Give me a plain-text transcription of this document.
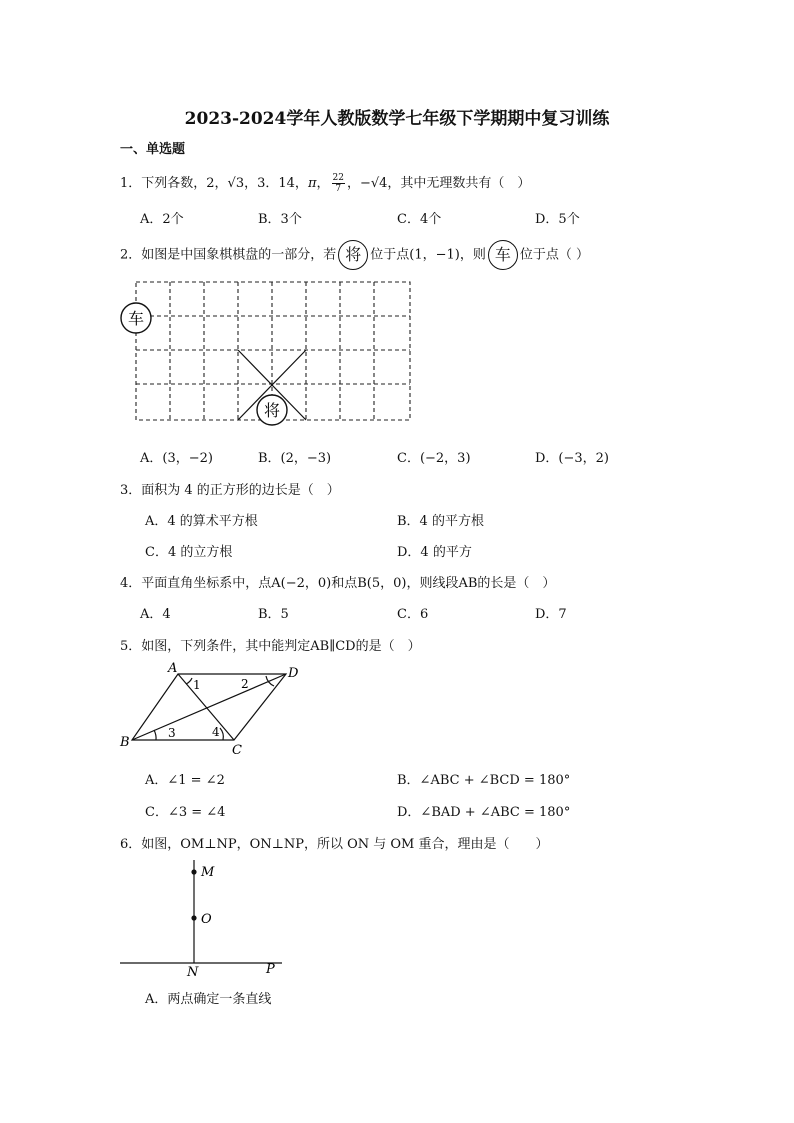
2023-2024学年人教版数学七年级下学期期中复习训练
一、单选题
1．下列各数，2，√3，3．14，π， $\frac{22}{7}$ ，−√4，其中无理数共有（　）
A．2个	B．3个	C．4个	D．5个
2．如图是中国象棋棋盘的一部分，若 将 位于点(1，−1)，则 车 位于点（ ）
车
将
A．(3，−2)	B．(2，−3)	C．(−2，3)	D．(−3，2)
3．面积为 4 的正方形的边长是（　）
A．4 的算术平方根	B．4 的平方根
C．4 的立方根	D．4 的平方
4．平面直角坐标系中，点A(−2，0)和点B(5，0)，则线段AB的长是（　）
A．4	B．5	C．6	D．7
5．如图，下列条件，其中能判定AB∥CD的是（　）
A	D
B
C
1	2
3	4
A．∠1 = ∠2	B．∠ABC + ∠BCD = 180°
C．∠3 = ∠4	D．∠BAD + ∠ABC = 180°
6．如图，OM⊥NP，ON⊥NP，所以 ON 与 OM 重合，理由是（　　）
M
O
N	P
A．两点确定一条直线
